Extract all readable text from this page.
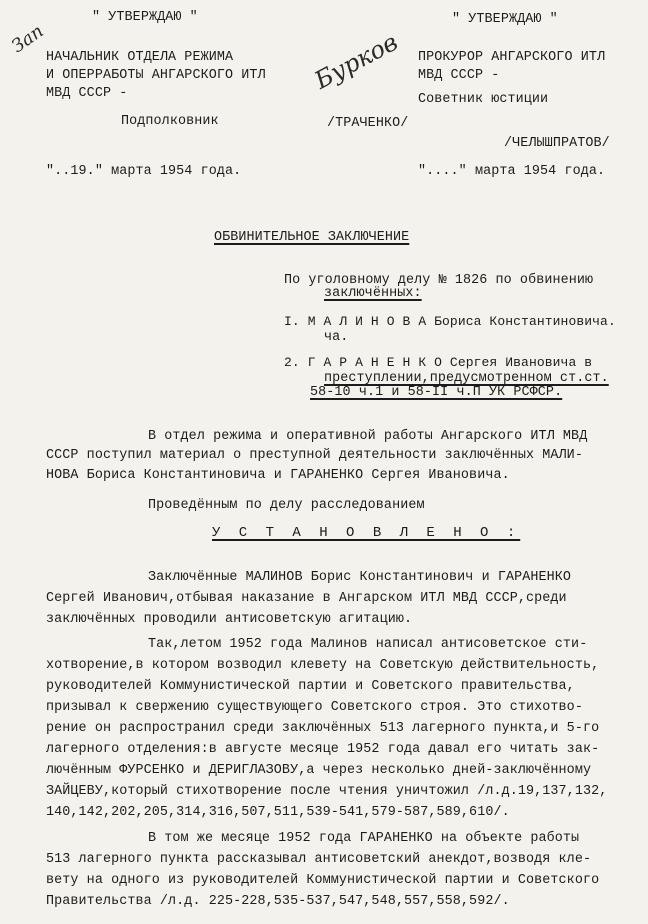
Зап
" УТВЕРЖДАЮ "
НАЧАЛЬНИК ОТДЕЛА РЕЖИМА
И ОПЕРРАБОТЫ АНГАРСКОГО ИТЛ
МВД СССР -
Подполковник	/ТРАЧЕНКО/
"..19." марта 1954 года.
Бурков
" УТВЕРЖДАЮ "
ПРОКУРОР АНГАРСКОГО ИТЛ
МВД СССР -
Советник юстиции
/ЧЕЛЫШПРАТОВ/
"...." марта 1954 года.
ОБВИНИТЕЛЬНОЕ ЗАКЛЮЧЕНИЕ
По уголовному делу № 1826 по обвинению
заключённых:
I. М А Л И Н О В А Бориса Константиновича.
ча.
2. Г А Р А Н Е Н К О Сергея Ивановича в
преступлении,предусмотренном ст.ст.
58-10 ч.1 и 58-II ч.П УК РСФСР.
В отдел режима и оперативной работы Ангарского ИТЛ МВД
СССР поступил материал о преступной деятельности заключённых МАЛИ-
НОВА Бориса Константиновича и ГАРАНЕНКО Сергея Ивановича.
Проведённым по делу расследованием
У С Т А Н О В Л Е Н О :
Заключённые МАЛИНОВ Борис Константинович и ГАРАНЕНКО
Сергей Иванович,отбывая наказание в Ангарском ИТЛ МВД СССР,среди
заключённых проводили антисоветскую агитацию.
Так,летом 1952 года Малинов написал антисоветское сти-
хотворение,в котором возводил клевету на Советскую действительность,
руководителей Коммунистической партии и Советского правительства,
призывал к свержению существующего Советского строя. Это стихотво-
рение он распространил среди заключённых 513 лагерного пункта,и 5-го
лагерного отделения:в августе месяце 1952 года давал его читать зак-
лючённым ФУРСЕНКО и ДЕРИГЛАЗОВУ,а через несколько дней-заключённому
ЗАЙЦЕВУ,который стихотворение после чтения уничтожил /л.д.19,137,132,
140,142,202,205,314,316,507,511,539-541,579-587,589,610/.
В том же месяце 1952 года ГАРАНЕНКО на объекте работы
513 лагерного пункта рассказывал антисоветский анекдот,возводя кле-
вету на одного из руководителей Коммунистической партии и Советского
Правительства /л.д. 225-228,535-537,547,548,557,558,592/.
